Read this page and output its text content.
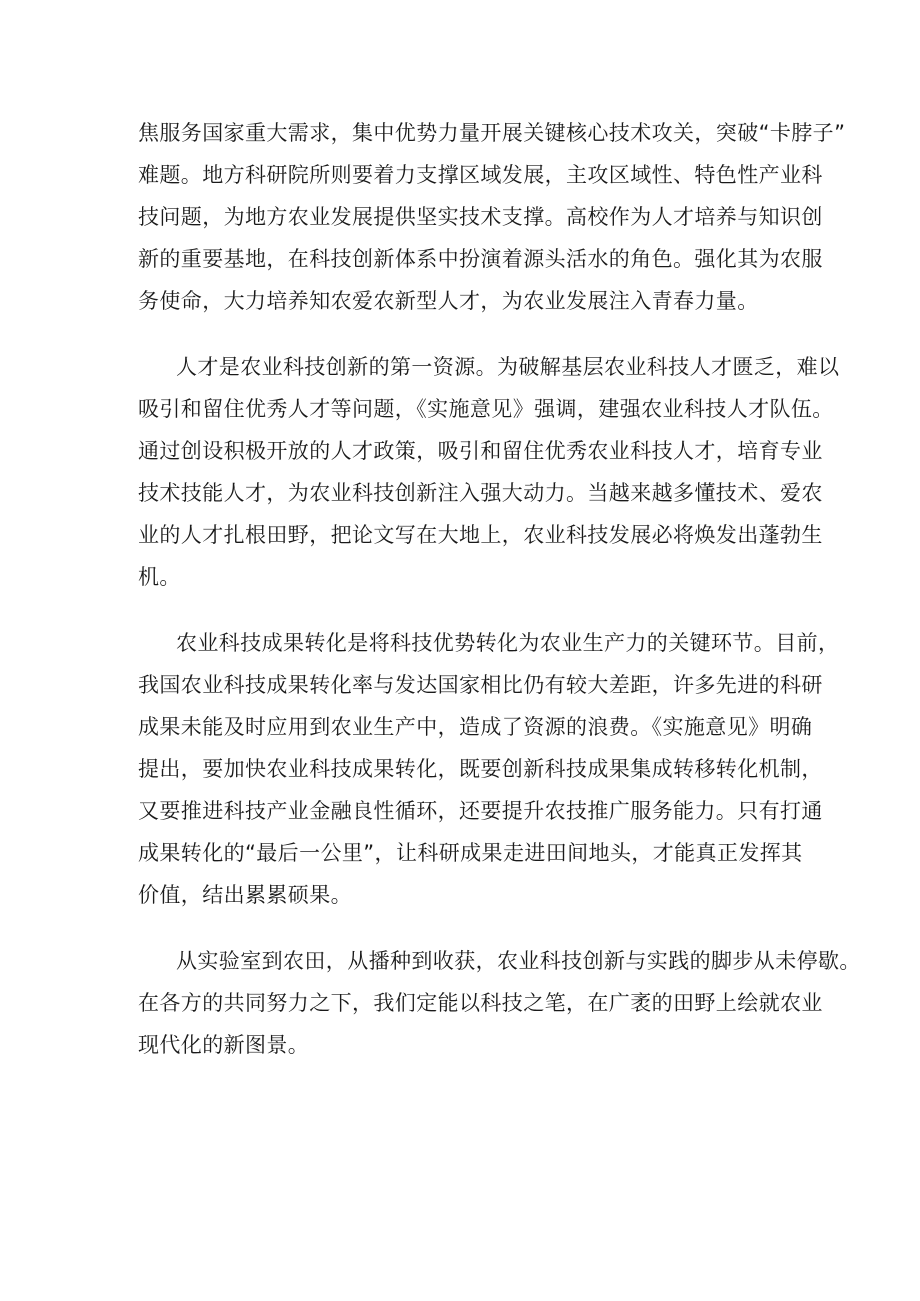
焦服务国家重大需求，集中优势力量开展关键核心技术攻关，突破“卡脖子”
难题。地方科研院所则要着力支撑区域发展，主攻区域性、特色性产业科
技问题，为地方农业发展提供坚实技术支撑。高校作为人才培养与知识创
新的重要基地，在科技创新体系中扮演着源头活水的角色。强化其为农服
务使命，大力培养知农爱农新型人才，为农业发展注入青春力量。
人才是农业科技创新的第一资源。为破解基层农业科技人才匮乏，难以
吸引和留住优秀人才等问题，《实施意见》强调，建强农业科技人才队伍。
通过创设积极开放的人才政策，吸引和留住优秀农业科技人才，培育专业
技术技能人才，为农业科技创新注入强大动力。当越来越多懂技术、爱农
业的人才扎根田野，把论文写在大地上，农业科技发展必将焕发出蓬勃生
机。
农业科技成果转化是将科技优势转化为农业生产力的关键环节。目前，
我国农业科技成果转化率与发达国家相比仍有较大差距，许多先进的科研
成果未能及时应用到农业生产中，造成了资源的浪费。《实施意见》明确
提出，要加快农业科技成果转化，既要创新科技成果集成转移转化机制，
又要推进科技产业金融良性循环，还要提升农技推广服务能力。只有打通
成果转化的“最后一公里”，让科研成果走进田间地头，才能真正发挥其
价值，结出累累硕果。
从实验室到农田，从播种到收获，农业科技创新与实践的脚步从未停歇。
在各方的共同努力之下，我们定能以科技之笔，在广袤的田野上绘就农业
现代化的新图景。
